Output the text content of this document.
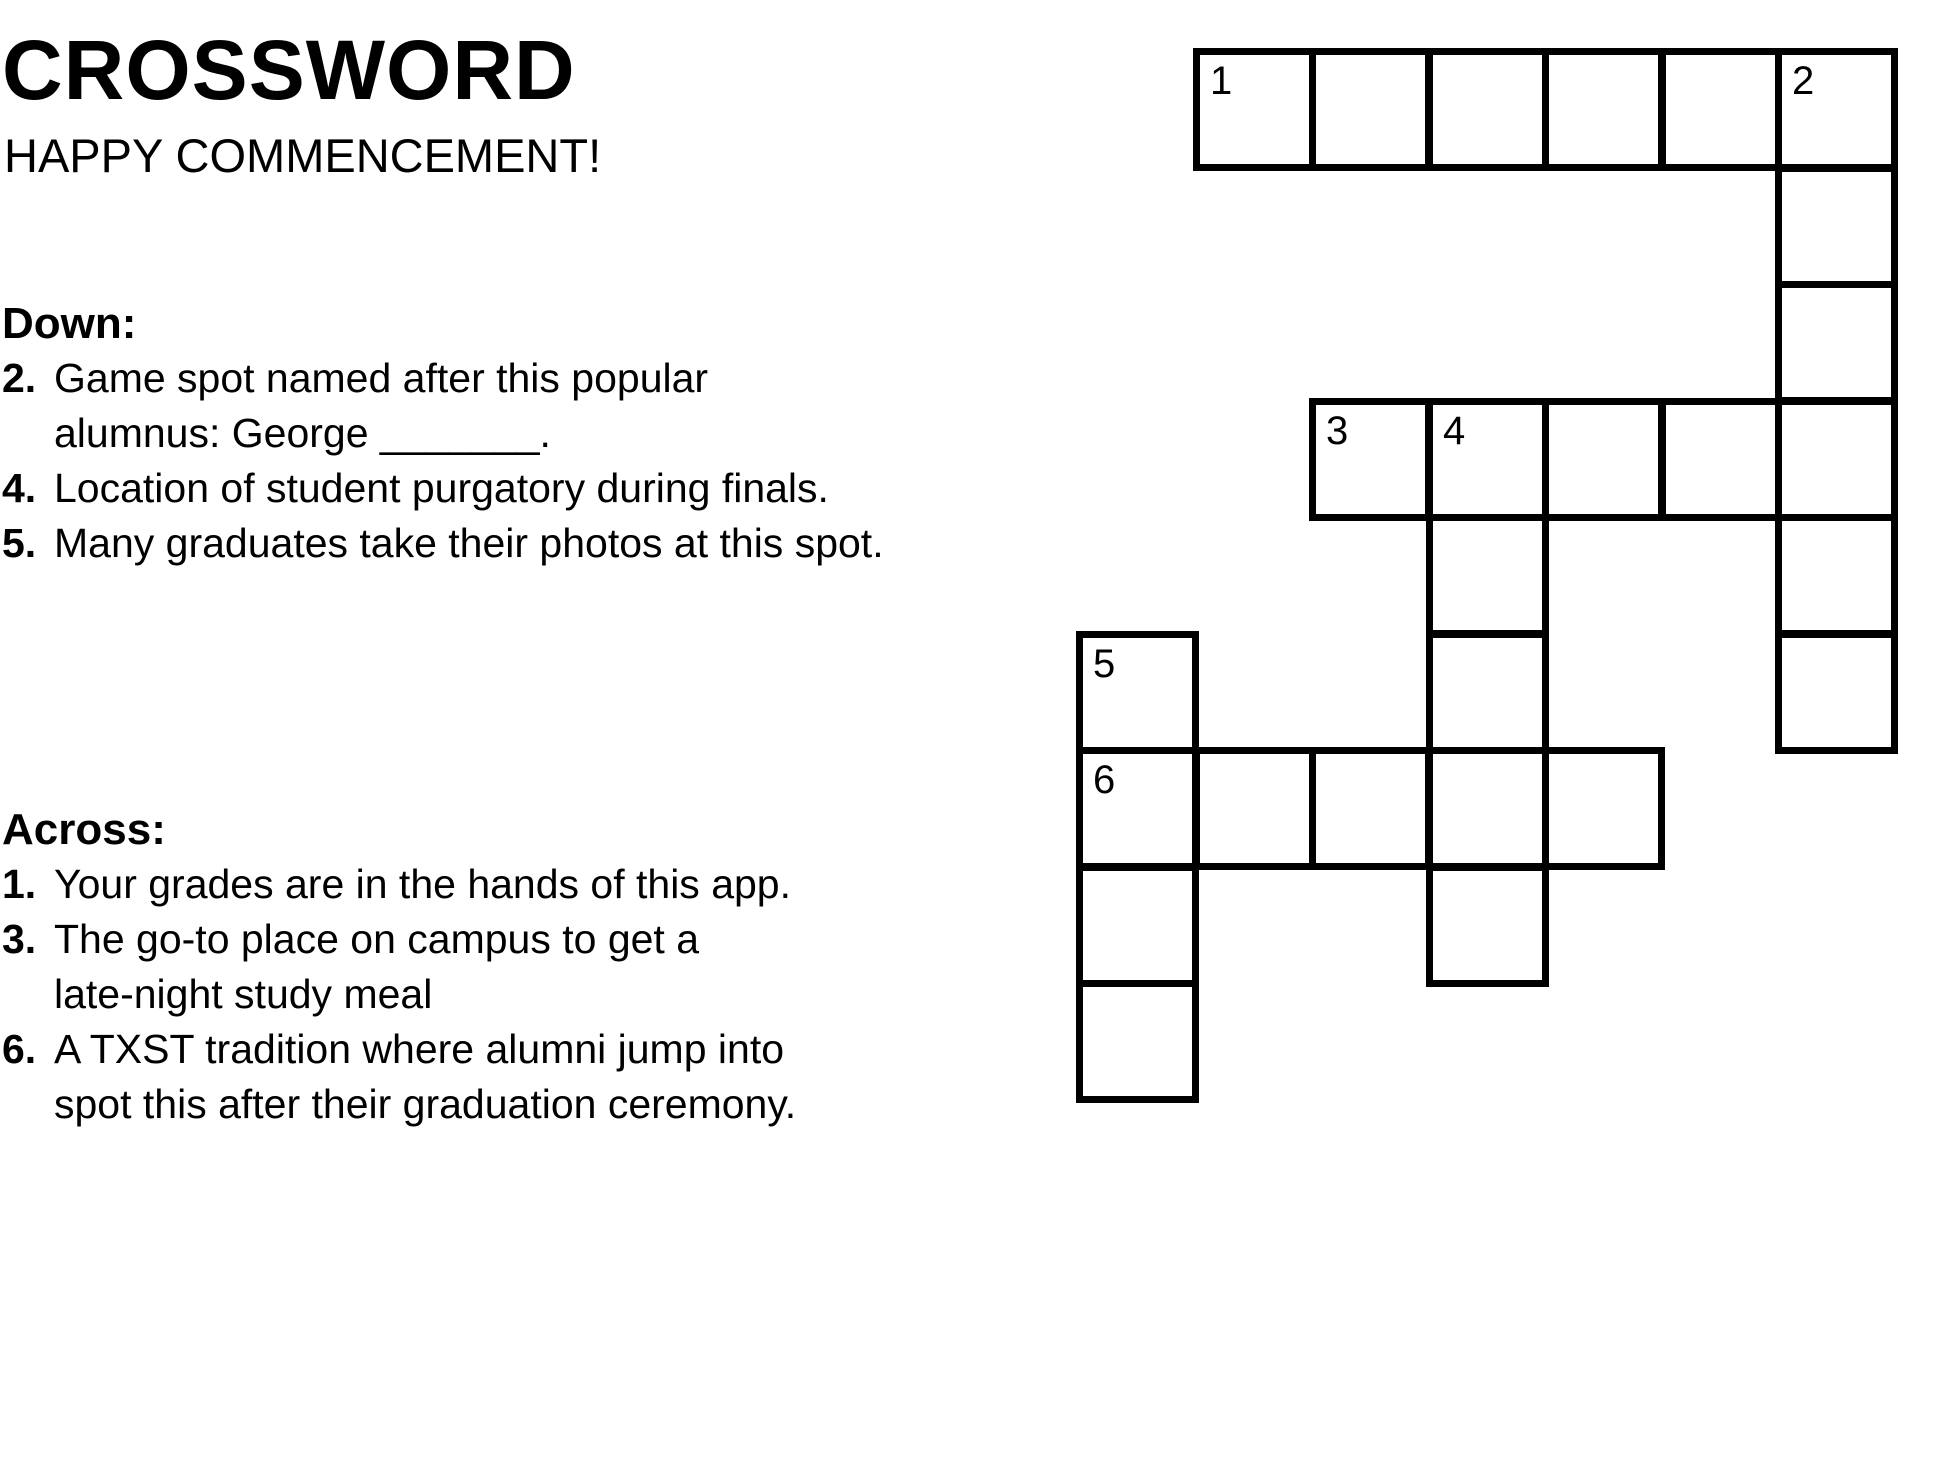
CROSSWORD
HAPPY COMMENCEMENT!
Down:
2. Game spot named after this popular
alumnus: George _______.
4. Location of student purgatory during finals.
5. Many graduates take their photos at this spot.
Across:
1. Your grades are in the hands of this app.
3. The go-to place on campus to get a
late-night study meal
6. A TXST tradition where alumni jump into
spot this after their graduation ceremony.
1	2
3 4
5
6
